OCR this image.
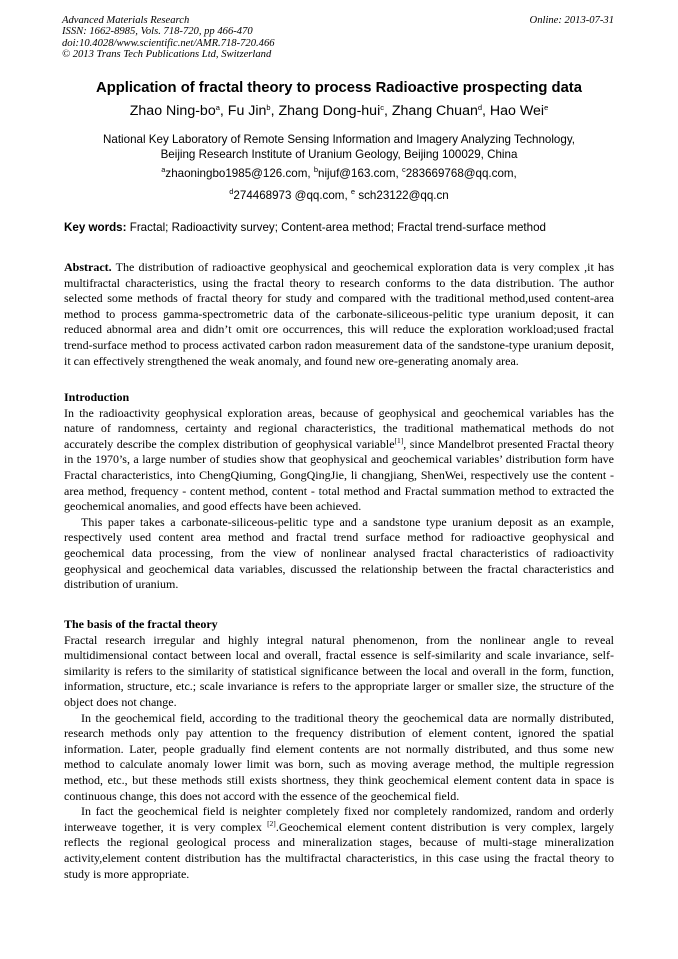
Advanced Materials Research
ISSN: 1662-8985, Vols. 718-720, pp 466-470
doi:10.4028/www.scientific.net/AMR.718-720.466
© 2013 Trans Tech Publications Ltd, Switzerland
Online: 2013-07-31
Application of fractal theory to process Radioactive prospecting data
Zhao Ning-$bo^a$, Fu Jin$^b$, Zhang Dong-hui$^c$, Zhang Chuan$^d$, Hao Wei$^e$
National Key Laboratory of Remote Sensing Information and Imagery Analyzing Technology,
Beijing Research Institute of Uranium Geology, Beijing 100029, China
$^a$zhaoningbo1985@126.com, $^b$nijuf@163.com, $^c$283669768@qq.com,
$^d$274468973 @qq.com, $^e$ sch23122@qq.cn
Key words: Fractal; Radioactivity survey; Content-area method; Fractal trend-surface method

Abstract. The distribution of radioactive geophysical and geochemical exploration data is very complex ,it has multifractal characteristics, using the fractal theory to research conforms to the data distribution. The author selected some methods of fractal theory for study and compared with the traditional method,used content-area method to process gamma-spectrometric data of the carbonate-siliceous-pelitic type uranium deposit, it can reduced abnormal area and didn’t omit ore occurrences, this will reduce the exploration workload;used fractal trend-surface method to process activated carbon radon measurement data of the sandstone-type uranium deposit, it can effectively strengthened the weak anomaly, and found new ore-generating anomaly area.

Introduction

In the radioactivity geophysical exploration areas, because of geophysical and geochemical variables has the nature of randomness, certainty and regional characteristics, the traditional mathematical methods do not accurately describe the complex distribution of geophysical variable[1], since Mandelbrot presented Fractal theory in the 1970’s, a large number of studies show that geophysical and geochemical variables’ distribution form have Fractal characteristics, into ChengQiuming, GongQingJie, li changjiang, ShenWei, respectively use the content - area method, frequency - content method, content - total method and Fractal summation method to extracted the geochemical anomalies, and good effects have been achieved.

This paper takes a carbonate-siliceous-pelitic type and a sandstone type uranium deposit as an example, respectively used content area method and fractal trend surface method for radioactive geophysical and geochemical data processing, from the view of nonlinear analysed fractal characteristics of radioactivity geophysical and geochemical data variables, discussed the relationship between the fractal characteristics and distribution of uranium.

The basis of the fractal theory

Fractal research irregular and highly integral natural phenomenon, from the nonlinear angle to reveal multidimensional contact between local and overall, fractal essence is self-similarity and scale invariance, self-similarity is refers to the similarity of statistical significance between the local and overall in the form, function, information, structure, etc.; scale invariance is refers to the appropriate larger or smaller size, the structure of the object does not change.

In the geochemical field, according to the traditional theory the geochemical data are normally distributed, research methods only pay attention to the frequency distribution of element content, ignored the spatial information. Later, people gradually find element contents are not normally distributed, and thus some new method to calculate anomaly lower limit was born, such as moving average method, the multiple regression method, etc., but these methods still exists shortness, they think geochemical element content data in space is continuous change, this does not accord with the essence of the geochemical field.

In fact the geochemical field is neighter completely fixed nor completely randomized, random and orderly interweave together, it is very complex [2].Geochemical element content distribution is very complex, largely reflects the regional geological process and mineralization stages, because of multi-stage mineralization activity,element content distribution has the multifractal characteristics, in this case using the fractal theory to study is more appropriate.
